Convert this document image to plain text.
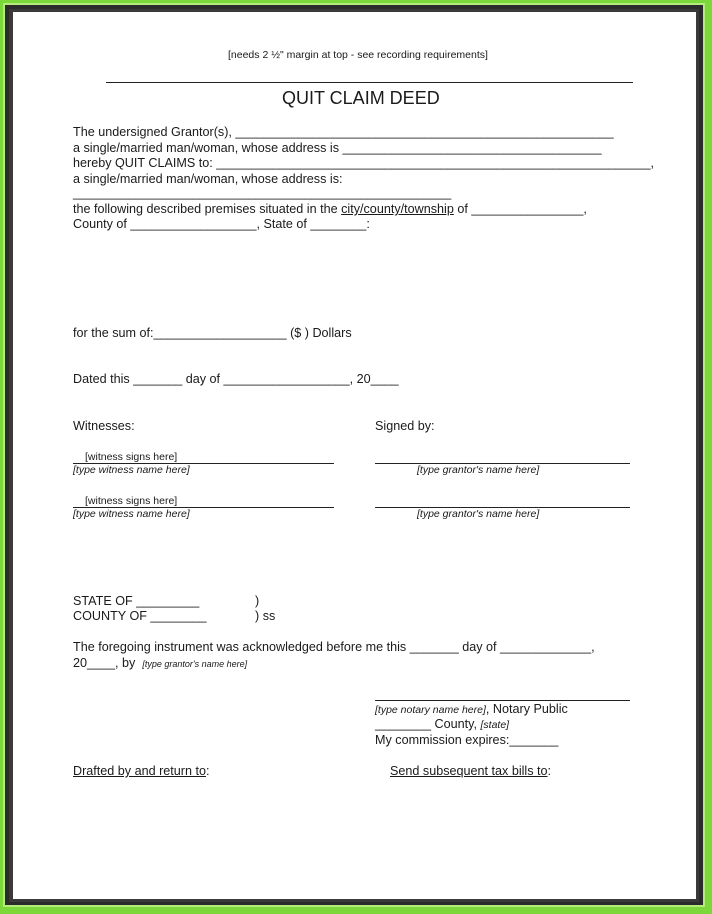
[needs 2 ½" margin at top - see recording requirements]
QUIT CLAIM DEED
The undersigned Grantor(s), ______________________________________________________
a single/married man/woman, whose address is _____________________________________
hereby QUIT CLAIMS to: ______________________________________________________________,
a single/married man/woman, whose address is:
______________________________________________________
the following described premises situated in the city/county/township of ________________,
County of __________________, State of ________:
for the sum of:___________________ ($ ) Dollars
Dated this _______ day of __________________, 20____
Witnesses:	Signed by:
[witness signs here]
[type witness name here]	[type grantor's name here]
[witness signs here]
[type witness name here]	[type grantor's name here]
STATE OF _________	)
COUNTY OF ________	) ss
The foregoing instrument was acknowledged before me this _______ day of _____________,
20____, by [type grantor's name here]
[type notary name here], Notary Public
________ County, [state]
My commission expires:_______
Drafted by and return to:	Send subsequent tax bills to:
